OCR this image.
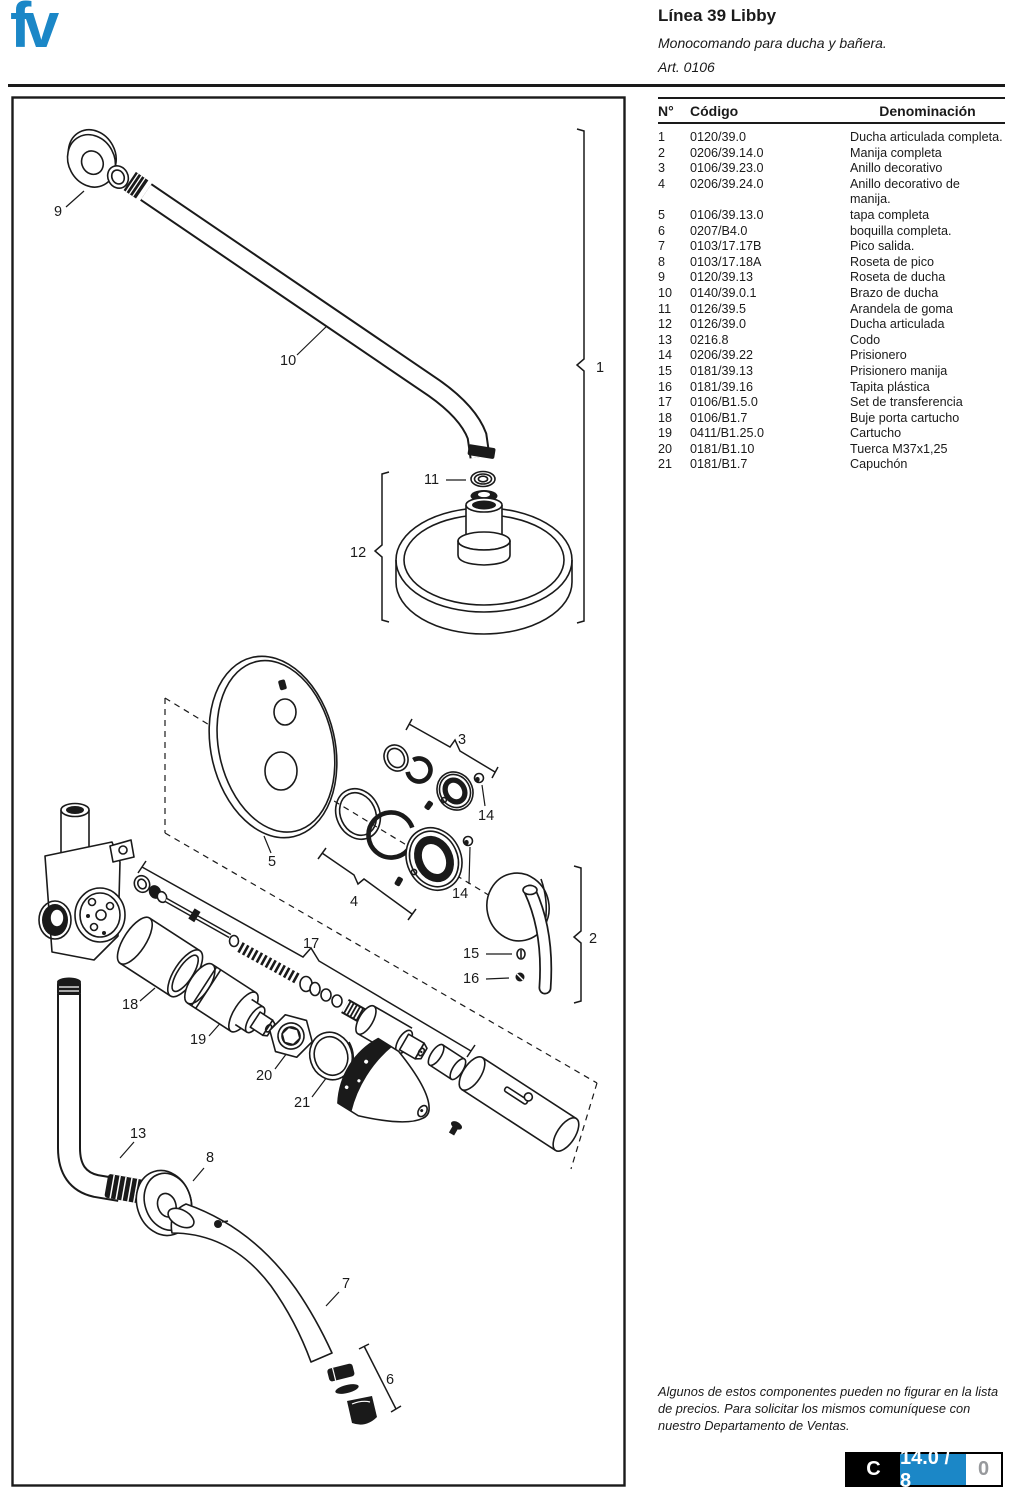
fv	Línea 39 Libby
Monocomando para ducha y bañera.
Art. 0106
N°	Código	Denominación
1	0120/39.0	Ducha articulada completa.
2	0206/39.14.0	Manija completa
3	0106/39.23.0	Anillo decorativo
4	0206/39.24.0	Anillo decorativo de manija.
5	0106/39.13.0	tapa completa
6	0207/B4.0	boquilla completa.
7	0103/17.17B	Pico salida.
8	0103/17.18A	Roseta de pico
9	0120/39.13	Roseta de ducha
10	0140/39.0.1	Brazo de ducha
11	0126/39.5	Arandela de goma
12	0126/39.0	Ducha articulada
13	0216.8	Codo
14	0206/39.22	Prisionero
15	0181/39.13	Prisionero manija
16	0181/39.16	Tapita plástica
17	0106/B1.5.0	Set de transferencia
18	0106/B1.7	Buje porta cartucho
19	0411/B1.25.0	Cartucho
20	0181/B1.10	Tuerca M37x1,25
21	0181/B1.7	Capuchón
1
2
3
4
5
6
7
8
9
10
11
12
13
14
14
15
16
17
18
19
20
21
Algunos de estos componentes pueden no figurar en la lista de precios. Para solicitar los mismos comuníquese con nuestro Departamento de Ventas.
C
14.0 / 8
0
